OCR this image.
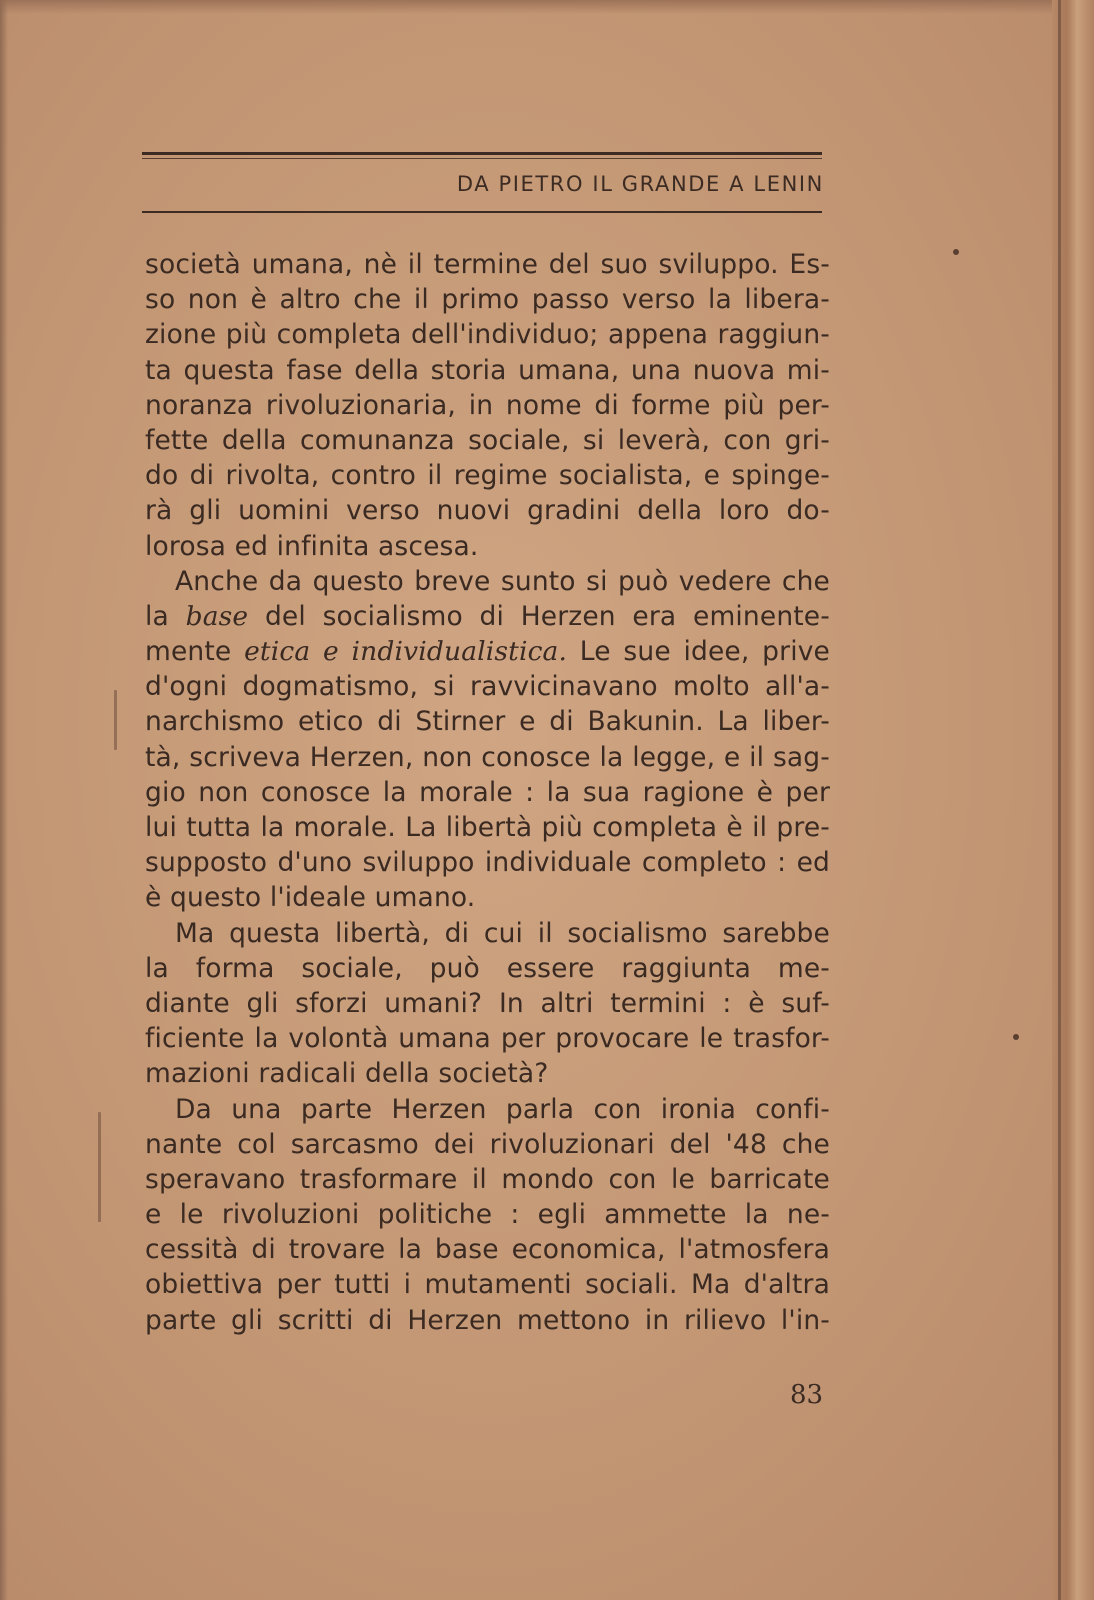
DA PIETRO IL GRANDE A LENIN
società umana, nè il termine del suo sviluppo. Es-
so non è altro che il primo passo verso la libera-
zione più completa dell'individuo; appena raggiun-
ta questa fase della storia umana, una nuova mi-
noranza rivoluzionaria, in nome di forme più per-
fette della comunanza sociale, si leverà, con gri-
do di rivolta, contro il regime socialista, e spinge-
rà gli uomini verso nuovi gradini della loro do-
lorosa ed infinita ascesa.
Anche da questo breve sunto si può vedere che
la base del socialismo di Herzen era eminente-
mente etica e individualistica. Le sue idee, prive
d'ogni dogmatismo, si ravvicinavano molto all'a-
narchismo etico di Stirner e di Bakunin. La liber-
tà, scriveva Herzen, non conosce la legge, e il sag-
gio non conosce la morale : la sua ragione è per
lui tutta la morale. La libertà più completa è il pre-
supposto d'uno sviluppo individuale completo : ed
è questo l'ideale umano.
Ma questa libertà, di cui il socialismo sarebbe
la forma sociale, può essere raggiunta me-
diante gli sforzi umani? In altri termini : è suf-
ficiente la volontà umana per provocare le trasfor-
mazioni radicali della società?
Da una parte Herzen parla con ironia confi-
nante col sarcasmo dei rivoluzionari del '48 che
speravano trasformare il mondo con le barricate
e le rivoluzioni politiche : egli ammette la ne-
cessità di trovare la base economica, l'atmosfera
obiettiva per tutti i mutamenti sociali. Ma d'altra
parte gli scritti di Herzen mettono in rilievo l'in-
83
